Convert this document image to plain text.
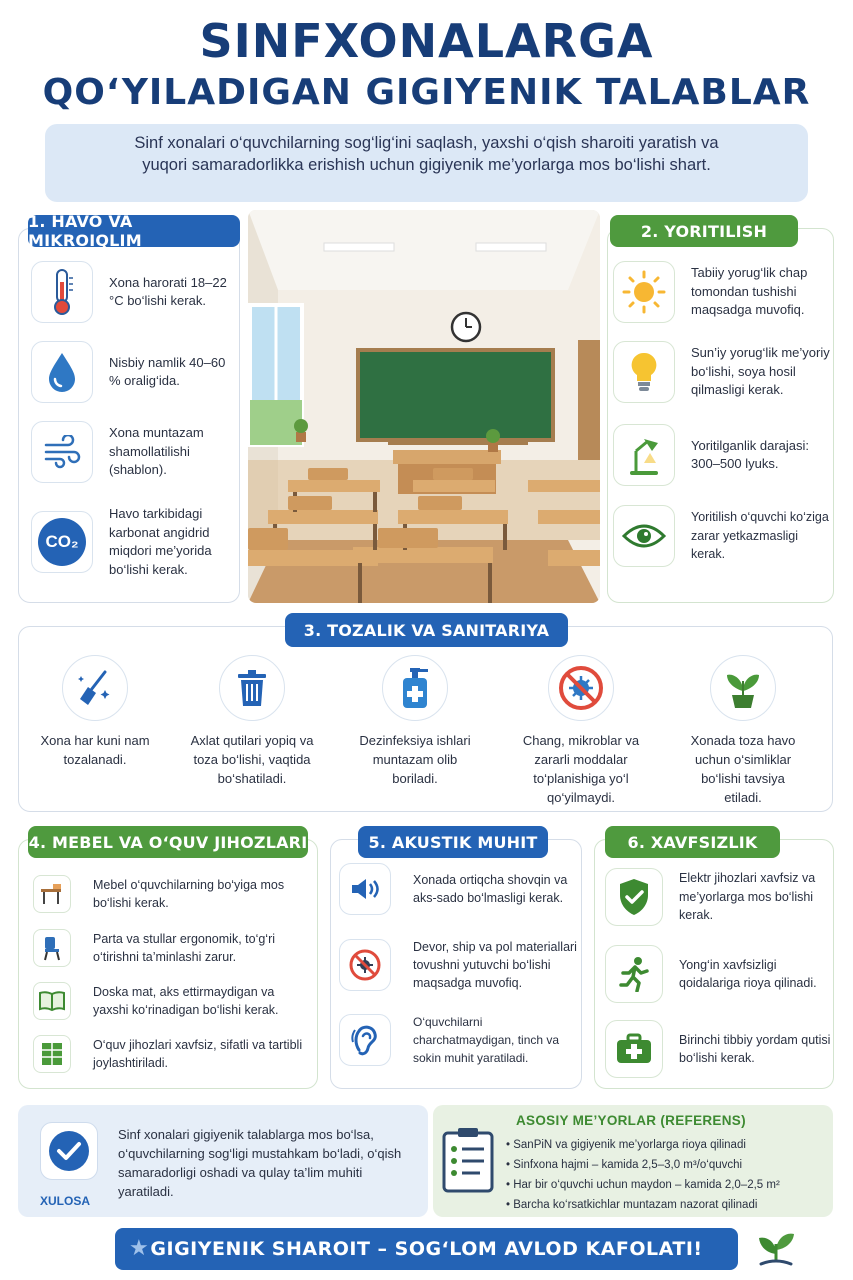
SINFXONALARGA
QO‘YILADIGAN GIGIYENIK TALABLAR
Sinf xonalari o‘quvchilarning sog‘lig‘ini saqlash, yaxshi o‘qish sharoiti yaratish va yuqori samaradorlikka erishish uchun gigiyenik me’yorlarga mos bo‘lishi shart.
1. HAVO VA MIKROIQLIM
Xona harorati 18–22 °C bo‘lishi kerak.
Nisbiy namlik 40–60 % oralig‘ida.
Xona muntazam shamollatilishi (shablon).
CO₂
Havo tarkibidagi karbonat angidrid miqdori me’yorida bo‘lishi kerak.
2. YORITILISH
Tabiiy yorug‘lik chap tomondan tushishi maqsadga muvofiq.
Sun’iy yorug‘lik me’yoriy bo‘lishi, soya hosil qilmasligi kerak.
Yoritilganlik darajasi: 300–500 lyuks.
Yoritilish o‘quvchi ko‘ziga zarar yetkazmasligi kerak.
3. TOZALIK VA SANITARIYA
Xona har kuni nam tozalanadi.
Axlat qutilari yopiq va toza bo‘lishi, vaqtida bo‘shatiladi.
Dezinfeksiya ishlari muntazam olib boriladi.
Chang, mikroblar va zararli moddalar to‘planishiga yo‘l qo‘yilmaydi.
Xonada toza havo uchun o‘simliklar bo‘lishi tavsiya etiladi.
4. MEBEL VA O‘QUV JIHOZLARI
Mebel o‘quvchilarning bo‘yiga mos bo‘lishi kerak.
Parta va stullar ergonomik, to‘g‘ri o‘tirishni ta’minlashi zarur.
Doska mat, aks ettirmaydigan va yaxshi ko‘rinadigan bo‘lishi kerak.
O‘quv jihozlari xavfsiz, sifatli va tartibli joylashtiriladi.
5. AKUSTIK MUHIT
Xonada ortiqcha shovqin va aks-sado bo‘lmasligi kerak.
Devor, ship va pol materiallari tovushni yutuvchi bo‘lishi maqsadga muvofiq.
O‘quvchilarni charchatmaydigan, tinch va sokin muhit yaratiladi.
6. XAVFSIZLIK
Elektr jihozlari xavfsiz va me’yorlarga mos bo‘lishi kerak.
Yong‘in xavfsizligi qoidalariga rioya qilinadi.
Birinchi tibbiy yordam qutisi bo‘lishi kerak.
XULOSA
Sinf xonalari gigiyenik talablarga mos bo‘lsa, o‘quvchilarning sog‘ligi mustahkam bo‘ladi, o‘qish samaradorligi oshadi va qulay ta’lim muhiti yaratiladi.
ASOSIY ME’YORLAR (REFERENS)
• SanPiN va gigiyenik me’yorlarga rioya qilinadi
• Sinfxona hajmi – kamida 2,5–3,0 m³/o‘quvchi
• Har bir o‘quvchi uchun maydon – kamida 2,0–2,5 m²
• Barcha ko‘rsatkichlar muntazam nazorat qilinadi
★ GIGIYENIK SHAROIT – SOG‘LOM AVLOD KAFOLATI!
